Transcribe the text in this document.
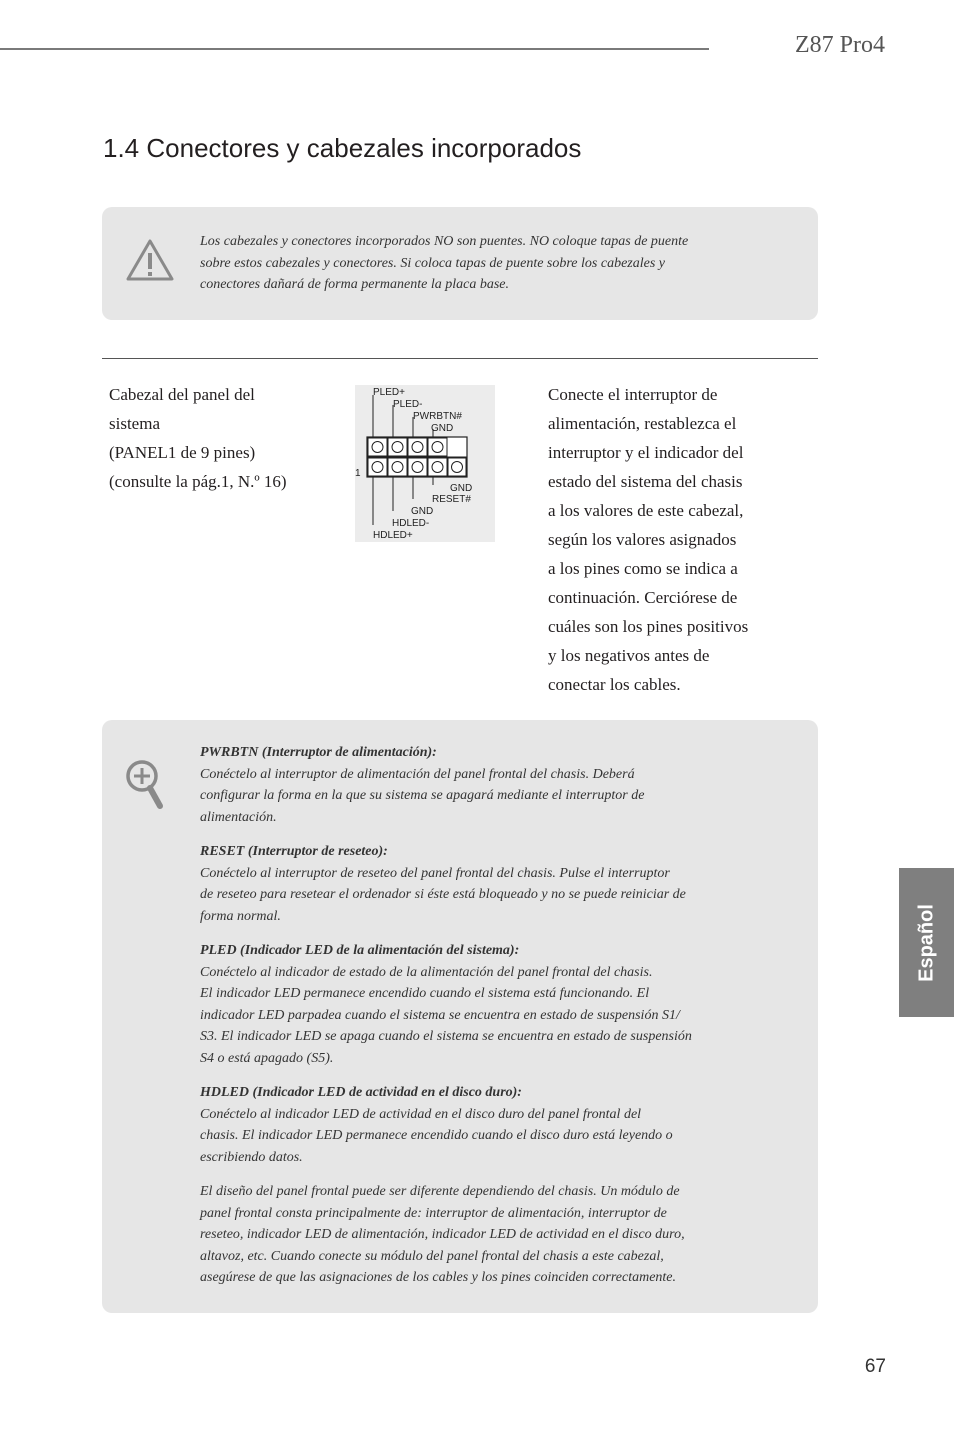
Z87 Pro4
1.4 Conectores y cabezales incorporados
Los cabezales y conectores incorporados NO son puentes. NO coloque tapas de puente
sobre estos cabezales y conectores. Si coloca tapas de puente sobre los cabezales y
conectores dañará de forma permanente la placa base.
Cabezal del panel del
sistema
(PANEL1 de 9 pines)
(consulte la pág.1, N.º 16)
PLED+
PLED-
PWRBTN#
GND
1
GND
RESET#
GND
HDLED-
HDLED+
Conecte el interruptor de
alimentación, restablezca el
interruptor y el indicador del
estado del sistema del chasis
a los valores de este cabezal,
según los valores asignados
a los pines como se indica a
continuación. Cerciórese de
cuáles son los pines positivos
y los negativos antes de
conectar los cables.
PWRBTN (Interruptor de alimentación):
Conéctelo al interruptor de alimentación del panel frontal del chasis. Deberá
configurar la forma en la que su sistema se apagará mediante el interruptor de
alimentación.
RESET (Interruptor de reseteo):
Conéctelo al interruptor de reseteo del panel frontal del chasis. Pulse el interruptor
de reseteo para resetear el ordenador si éste está bloqueado y no se puede reiniciar de
forma normal.
PLED (Indicador LED de la alimentación del sistema):
Conéctelo al indicador de estado de la alimentación del panel frontal del chasis.
El indicador LED permanece encendido cuando el sistema está funcionando. El
indicador LED parpadea cuando el sistema se encuentra en estado de suspensión S1/
S3. El indicador LED se apaga cuando el sistema se encuentra en estado de suspensión
S4 o está apagado (S5).
HDLED (Indicador LED de actividad en el disco duro):
Conéctelo al indicador LED de actividad en el disco duro del panel frontal del
chasis. El indicador LED permanece encendido cuando el disco duro está leyendo o
escribiendo datos.
El diseño del panel frontal puede ser diferente dependiendo del chasis. Un módulo de
panel frontal consta principalmente de: interruptor de alimentación, interruptor de
reseteo, indicador LED de alimentación, indicador LED de actividad en el disco duro,
altavoz, etc. Cuando conecte su módulo del panel frontal del chasis a este cabezal,
asegúrese de que las asignaciones de los cables y los pines coinciden correctamente.
Español
67
